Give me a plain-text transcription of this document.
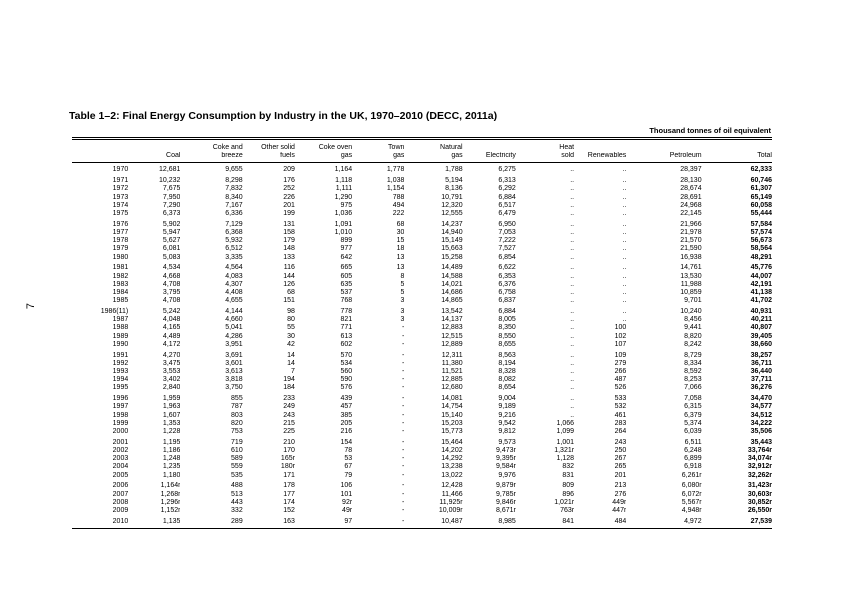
7
Table 1–2: Final Energy Consumption by Industry in the UK, 1970–2010 (DECC, 2011a)
Thousand tonnes of oil equivalent
		Coke and	Other solid	Coke oven	Town	Natural		Heat			
	Coal	breeze	fuels	gas	gas	gas	Electricity	sold	Renewables	Petroleum	Total
1970	12,681	9,655	209	1,164	1,778	1,788	6,275	..	..	28,397	62,333
1971	10,232	8,298	176	1,118	1,038	5,194	6,313	..	..	28,130	60,746
1972	7,675	7,832	252	1,111	1,154	8,136	6,292	..	..	28,674	61,307
1973	7,950	8,340	226	1,290	788	10,791	6,884	..	..	28,691	65,149
1974	7,290	7,167	201	975	494	12,320	6,517	..	..	24,968	60,058
1975	6,373	6,336	199	1,036	222	12,555	6,479	..	..	22,145	55,444
1976	5,902	7,129	131	1,091	68	14,237	6,950	..	..	21,966	57,584
1977	5,947	6,368	158	1,010	30	14,940	7,053	..	..	21,978	57,574
1978	5,627	5,932	179	899	15	15,149	7,222	..	..	21,570	56,673
1979	6,081	6,512	148	977	18	15,663	7,527	..	..	21,590	58,564
1980	5,083	3,335	133	642	13	15,258	6,854	..	..	16,938	48,291
1981	4,534	4,564	116	665	13	14,489	6,622	..	..	14,761	45,776
1982	4,668	4,083	144	605	8	14,588	6,353	..	..	13,530	44,007
1983	4,708	4,307	126	635	5	14,021	6,376	..	..	11,988	42,191
1984	3,795	4,408	68	537	5	14,686	6,758	..	..	10,859	41,138
1985	4,708	4,655	151	768	3	14,865	6,837	..	..	9,701	41,702
1986(11)	5,242	4,144	98	778	3	13,542	6,884	..	..	10,240	40,931
1987	4,048	4,660	80	821	3	14,137	8,005	..	..	8,456	40,211
1988	4,165	5,041	55	771	-	12,883	8,350	..	100	9,441	40,807
1989	4,489	4,286	30	613	-	12,515	8,550	..	102	8,820	39,405
1990	4,172	3,951	42	602	-	12,889	8,655	..	107	8,242	38,660
1991	4,270	3,691	14	570	-	12,311	8,563	..	109	8,729	38,257
1992	3,475	3,601	14	534	-	11,380	8,194	..	279	8,334	36,711
1993	3,553	3,613	7	560	-	11,521	8,328	..	266	8,592	36,440
1994	3,402	3,818	194	590	-	12,885	8,082	..	487	8,253	37,711
1995	2,840	3,750	184	576	-	12,680	8,654	..	526	7,066	36,276
1996	1,959	855	233	439	-	14,081	9,004	..	533	7,058	34,470
1997	1,963	787	249	457	-	14,754	9,189	..	532	6,315	34,577
1998	1,607	803	243	385	-	15,140	9,216	..	461	6,379	34,512
1999	1,353	820	215	205	-	15,203	9,542	1,066	283	5,374	34,222
2000	1,228	753	225	216	-	15,773	9,812	1,099	264	6,039	35,506
2001	1,195	719	210	154	-	15,464	9,573	1,001	243	6,511	35,443
2002	1,186	610	170	78	-	14,202	9,473r	1,321r	250	6,248	33,764r
2003	1,248	589	165r	53	-	14,292	9,395r	1,128	267	6,899	34,074r
2004	1,235	559	180r	67	-	13,238	9,584r	832	265	6,918	32,912r
2005	1,180	535	171	79	-	13,022	9,976	831	201	6,261r	32,262r
2006	1,164r	488	178	106	-	12,428	9,879r	809	213	6,080r	31,423r
2007	1,268r	513	177	101	-	11,466	9,785r	896	276	6,072r	30,603r
2008	1,296r	443	174	92r	-	11,925r	9,846r	1,021r	449r	5,567r	30,852r
2009	1,152r	332	152	49r	-	10,009r	8,671r	763r	447r	4,948r	26,550r
2010	1,135	289	163	97	-	10,487	8,985	841	484	4,972	27,539
